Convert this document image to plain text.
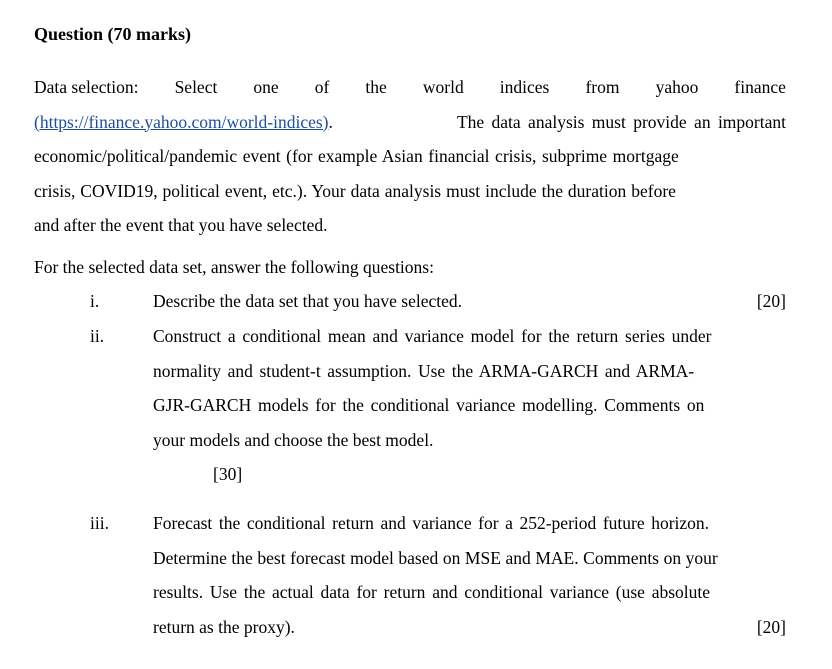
Question (70 marks)
Data selection: Select one of the world indices from yahoo finance
(https://finance.yahoo.com/world-indices).	The data analysis must provide an important
economic/political/pandemic event (for example Asian financial crisis, subprime mortgage
crisis, COVID19, political event, etc.). Your data analysis must include the duration before
and after the event that you have selected.
For the selected data set, answer the following questions:
i.	Describe the data set that you have selected.	[20]
ii.	Construct a conditional mean and variance model for the return series under
normality and student-t assumption. Use the ARMA-GARCH and ARMA-
GJR-GARCH models for the conditional variance modelling. Comments on
your models and choose the best model.
[30]
iii.	Forecast the conditional return and variance for a 252-period future horizon.
Determine the best forecast model based on MSE and MAE. Comments on your
results. Use the actual data for return and conditional variance (use absolute
return as the proxy).	[20]
